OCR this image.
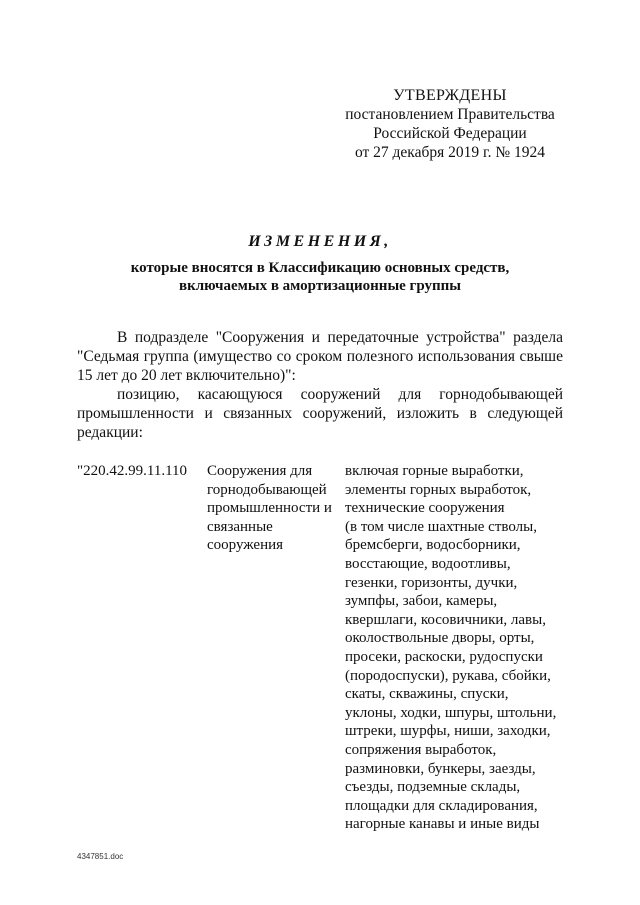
УТВЕРЖДЕНЫ
постановлением Правительства
Российской Федерации
от 27 декабря 2019 г. № 1924
ИЗМЕНЕНИЯ,
которые вносятся в Классификацию основных средств,
включаемых в амортизационные группы
В подразделе "Сооружения и передаточные устройства" раздела
"Седьмая группа (имущество со сроком полезного использования свыше
15 лет до 20 лет включительно)":
позицию, касающуюся сооружений для горнодобывающей
промышленности и связанных сооружений, изложить в следующей
редакции:
"220.42.99.11.110 Сооружения для
горнодобывающей
промышленности и
связанные
сооружения
включая горные выработки,
элементы горных выработок,
технические сооружения
(в том числе шахтные стволы,
бремсберги, водосборники,
восстающие, водоотливы,
гезенки, горизонты, дучки,
зумпфы, забои, камеры,
квершлаги, косовичники, лавы,
околоствольные дворы, орты,
просеки, раскоски, рудоспуски
(породоспуски), рукава, сбойки,
скаты, скважины, спуски,
уклоны, ходки, шпуры, штольни,
штреки, шурфы, ниши, заходки,
сопряжения выработок,
разминовки, бункеры, заезды,
съезды, подземные склады,
площадки для складирования,
нагорные канавы и иные виды
4347851.doc
